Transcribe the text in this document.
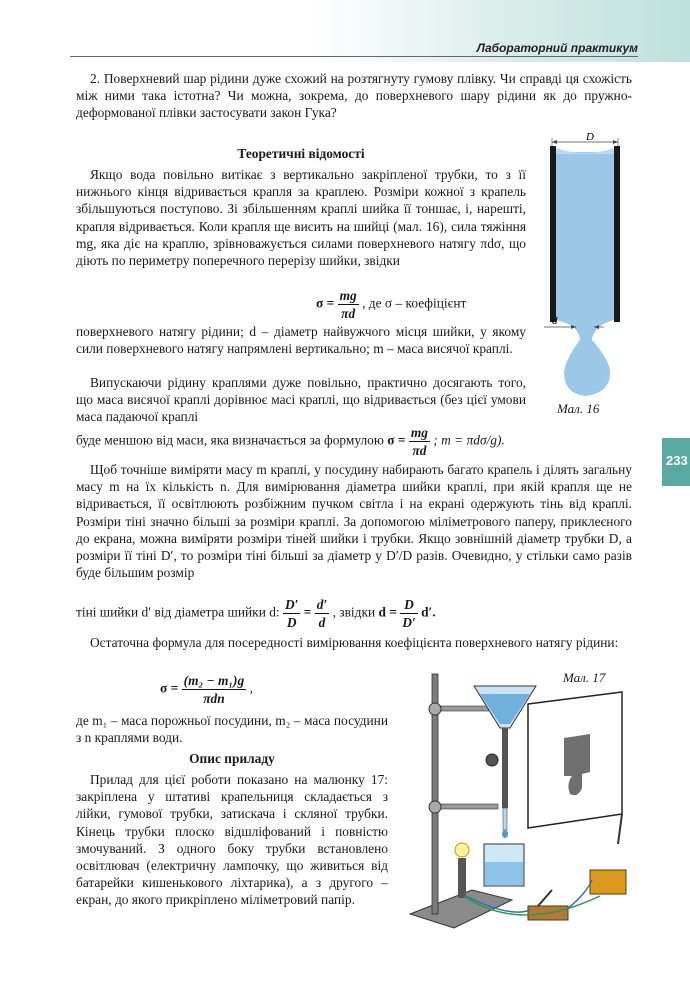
Лабораторний практикум
233

2. Поверхневий шар рідини дуже схожий на розтягнуту гумову плівку. Чи справді ця схожість між ними така істотна? Чи можна, зокрема, до поверхневого шару рідини як до пружно-деформованої плівки застосувати закон Гука?

Теоретичні відомості

Якщо вода повільно витікає з вертикально закріпленої трубки, то з її нижнього кінця відривається крапля за краплею. Розміри кожної з крапель збільшуються поступово. Зі збільшенням краплі шийка її тоншає, і, нарешті, крапля відривається. Коли крапля ще висить на шийці (мал. 16), сила тяжіння mg, яка діє на краплю, зрівноважується силами поверхневого натягу πdσ, що діють по периметру поперечного перерізу шийки, звідки

$\sigma = \frac{mg}{\pi d}$ , де σ – коефіцієнт

поверхневого натягу рідини; d – діаметр найвужчого місця шийки, у якому сили поверхневого натягу напрямлені вертикально; m – маса висячої краплі.

Випускаючи рідину краплями дуже повільно, практично досягають того, що маса висячої краплі дорівнює масі краплі, що відривається (без цієї умови маса падаючої краплі

буде меншою від маси, яка визначається за формулою $\sigma = \frac{mg}{\pi d}$ ; m = πdσ/g).

Щоб точніше виміряти масу m краплі, у посудину набирають багато крапель і ділять загальну масу m на їх кількість n. Для вимірювання діаметра шийки краплі, при якій крапля ще не відривається, її освітлюють розбіжним пучком світла і на екрані одержують тінь від краплі. Розміри тіні значно більші за розміри краплі. За допомогою міліметрового паперу, приклеєного до екрана, можна виміряти розміри тіней шийки і трубки. Якщо зовнішній діаметр трубки D, а розміри її тіні D′, то розміри тіні більші за діаметр у D′/D разів. Очевидно, у стільки само разів буде більшим розмір

тіні шийки d′ від діаметра шийки d: $\frac{D'}{D} = \frac{d'}{d}$ , звідки $d = \frac{D}{D'} d'$.

Остаточна формула для посередності вимірювання коефіцієнта поверхневого натягу рідини:

$\sigma = \frac{\text{(m₂ − m₁)g}}{\text{πdn}}$ ,

де m₁ – маса порожньої посудини, m₂ – маса посудини з n краплями води.

Опис приладу

Прилад для цієї роботи показано на малюнку 17: закріплена у штативі крапельниця складається з лійки, гумової трубки, затискача і скляної трубки. Кінець трубки плоско відшліфований і повністю змочуваний. З одного боку трубки встановлено освітлювач (електричну лампочку, що живиться від батарейки кишенькового ліхтарика), а з другого – екран, до якого прикріплено міліметровий папір.

D
d
Мал. 16
Мал. 17
